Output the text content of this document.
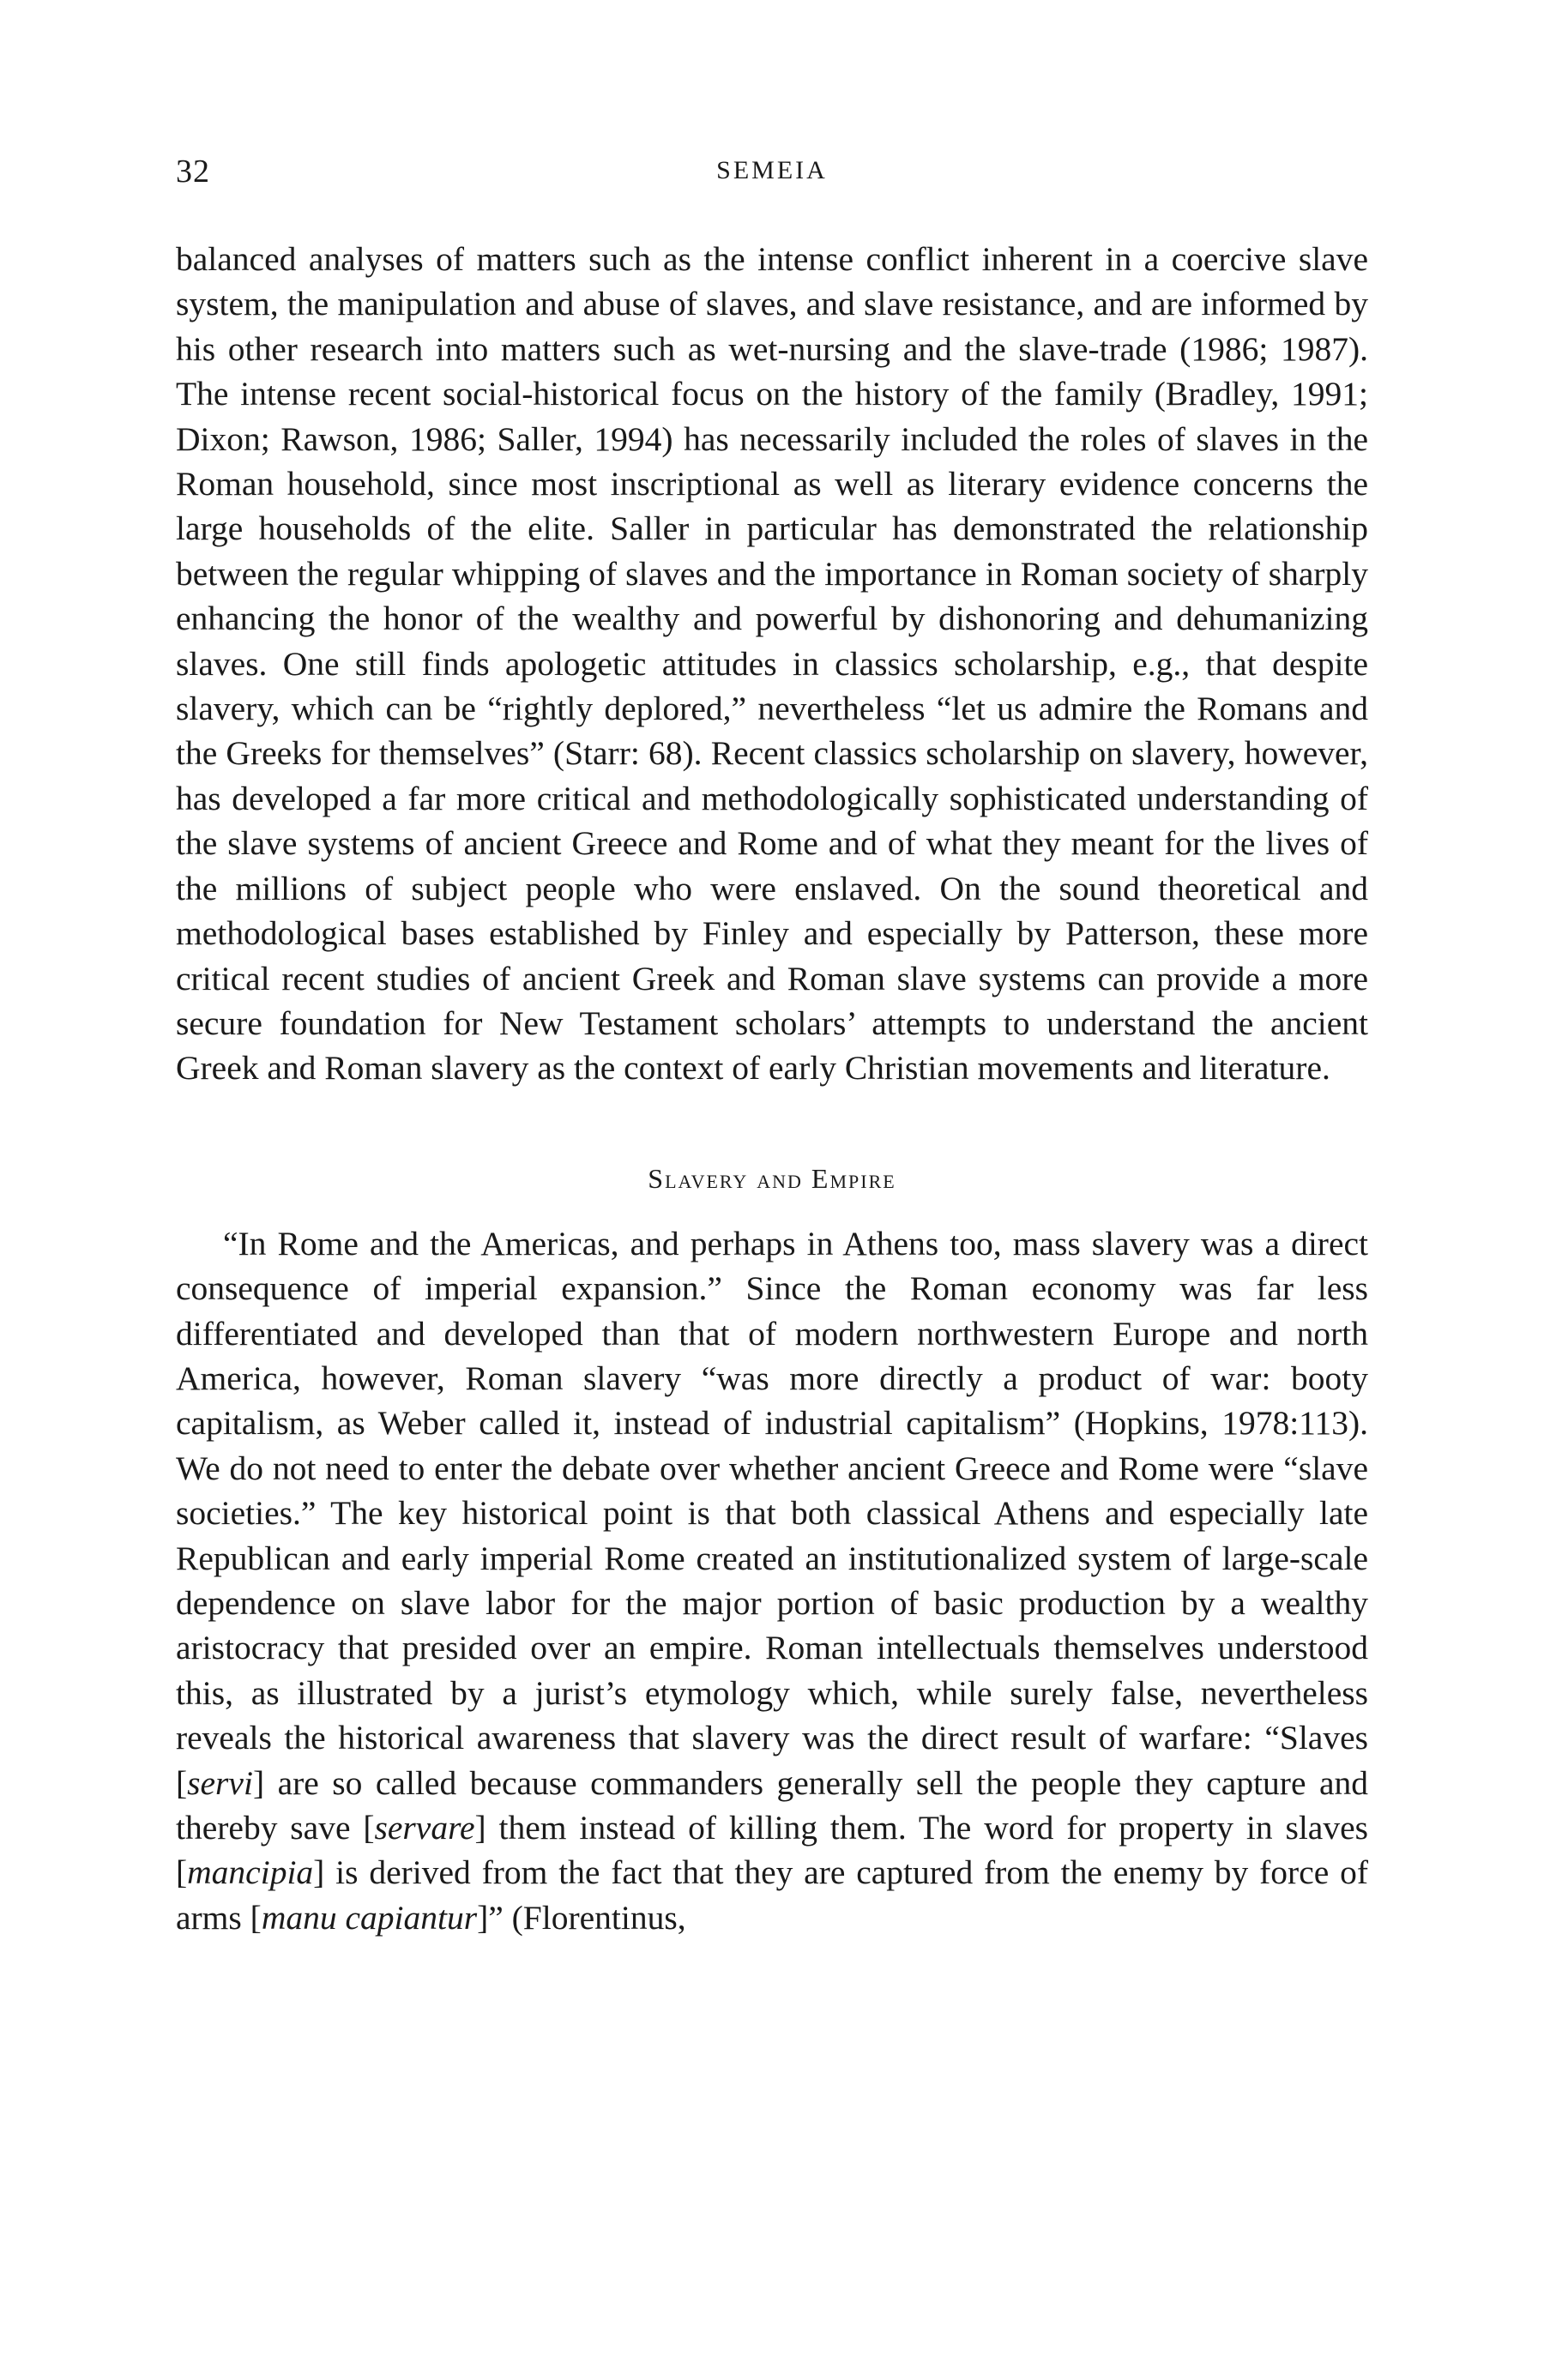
32	SEMEIA

balanced analyses of matters such as the intense conflict inherent in a coercive slave system, the manipulation and abuse of slaves, and slave resistance, and are informed by his other research into matters such as wet-nursing and the slave-trade (1986; 1987). The intense recent social-historical focus on the history of the family (Bradley, 1991; Dixon; Rawson, 1986; Saller, 1994) has necessarily included the roles of slaves in the Roman household, since most inscriptional as well as literary evidence concerns the large households of the elite. Saller in particular has demonstrated the relationship between the regular whipping of slaves and the importance in Roman society of sharply enhancing the honor of the wealthy and powerful by dishonoring and dehumanizing slaves. One still finds apologetic attitudes in classics scholarship, e.g., that despite slavery, which can be “rightly deplored,” nevertheless “let us admire the Romans and the Greeks for themselves” (Starr: 68). Recent classics scholarship on slavery, however, has developed a far more critical and methodologically sophisticated understanding of the slave systems of ancient Greece and Rome and of what they meant for the lives of the millions of subject people who were enslaved. On the sound theoretical and methodological bases established by Finley and especially by Patterson, these more critical recent studies of ancient Greek and Roman slave systems can provide a more secure foundation for New Testament scholars’ attempts to understand the ancient Greek and Roman slavery as the context of early Christian movements and literature.

Slavery and Empire

“In Rome and the Americas, and perhaps in Athens too, mass slavery was a direct consequence of imperial expansion.” Since the Roman economy was far less differentiated and developed than that of modern northwestern Europe and north America, however, Roman slavery “was more directly a product of war: booty capitalism, as Weber called it, instead of industrial capitalism” (Hopkins, 1978:113). We do not need to enter the debate over whether ancient Greece and Rome were “slave societies.” The key historical point is that both classical Athens and especially late Republican and early imperial Rome created an institutionalized system of large-scale dependence on slave labor for the major portion of basic production by a wealthy aristocracy that presided over an empire. Roman intellectuals themselves understood this, as illustrated by a jurist’s etymology which, while surely false, nevertheless reveals the historical awareness that slavery was the direct result of warfare: “Slaves [servi] are so called because commanders generally sell the people they capture and thereby save [servare] them instead of killing them. The word for property in slaves [mancipia] is derived from the fact that they are captured from the enemy by force of arms [manu capiantur]” (Florentinus,
